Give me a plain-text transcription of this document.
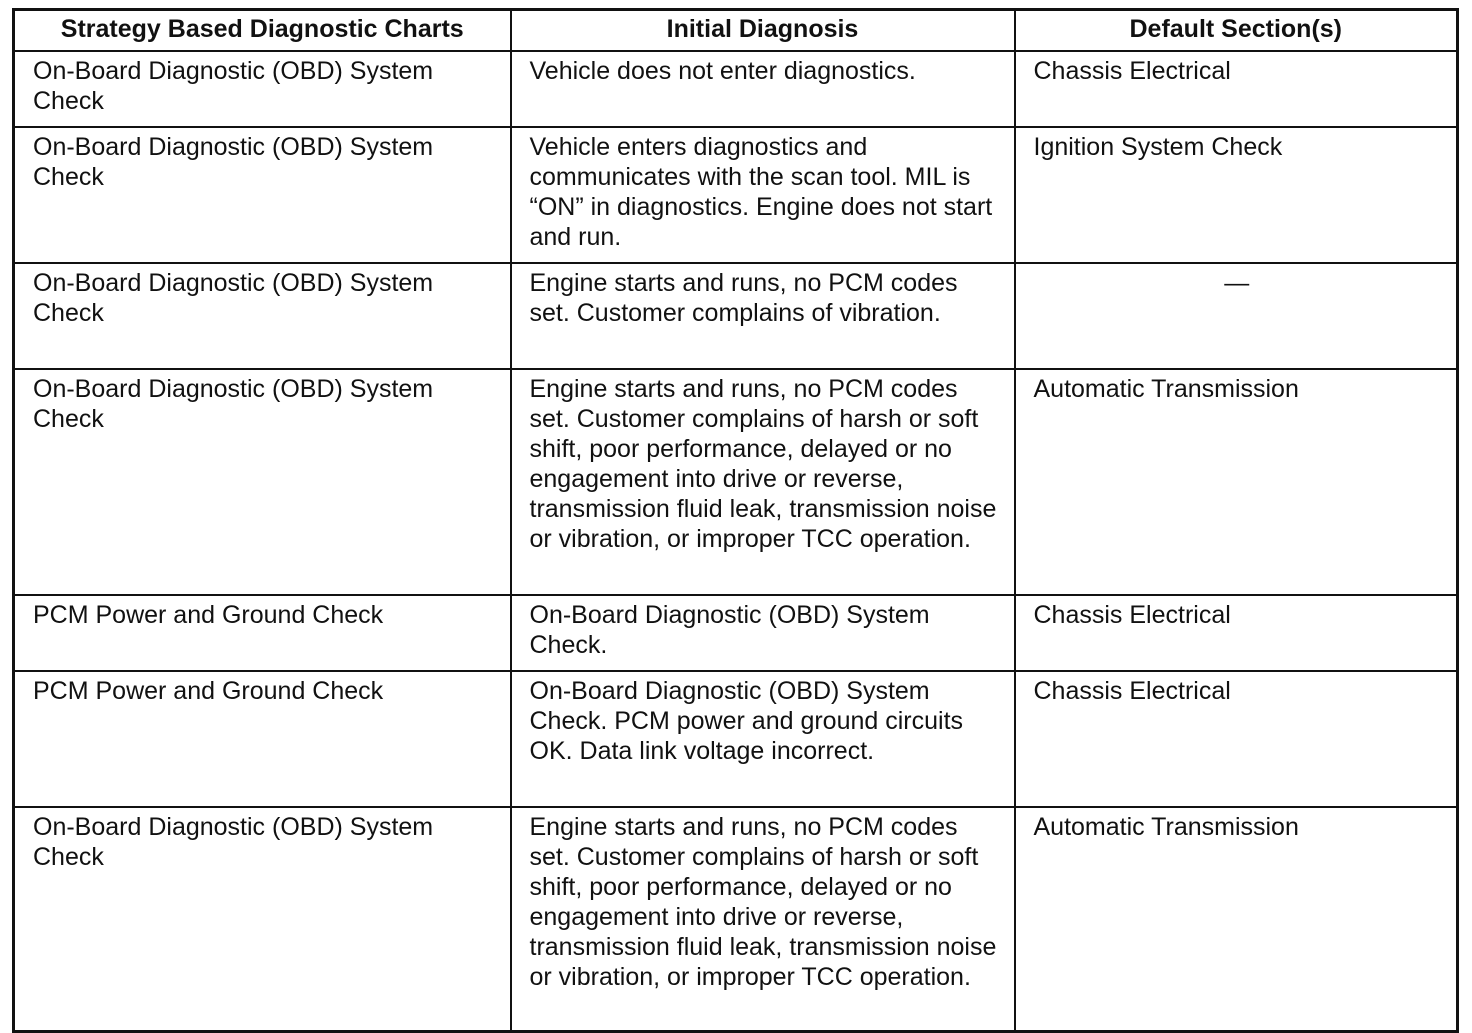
Strategy Based Diagnostic Charts	Initial Diagnosis	Default Section(s)
On-Board Diagnostic (OBD) System Check	Vehicle does not enter diagnostics.	Chassis Electrical
On-Board Diagnostic (OBD) System Check	Vehicle enters diagnostics and communicates with the scan tool. MIL is “ON” in diagnostics. Engine does not start and run.	Ignition System Check
On-Board Diagnostic (OBD) System Check	Engine starts and runs, no PCM codes set. Customer complains of vibration.	—
On-Board Diagnostic (OBD) System Check	Engine starts and runs, no PCM codes set. Customer complains of harsh or soft shift, poor performance, delayed or no engagement into drive or reverse, transmission fluid leak, transmission noise or vibration, or improper TCC operation.	Automatic Transmission
PCM Power and Ground Check	On-Board Diagnostic (OBD) System Check.	Chassis Electrical
PCM Power and Ground Check	On-Board Diagnostic (OBD) System Check. PCM power and ground circuits OK. Data link voltage incorrect.	Chassis Electrical
On-Board Diagnostic (OBD) System Check	Engine starts and runs, no PCM codes set. Customer complains of harsh or soft shift, poor performance, delayed or no engagement into drive or reverse, transmission fluid leak, transmission noise or vibration, or improper TCC operation.	Automatic Transmission
